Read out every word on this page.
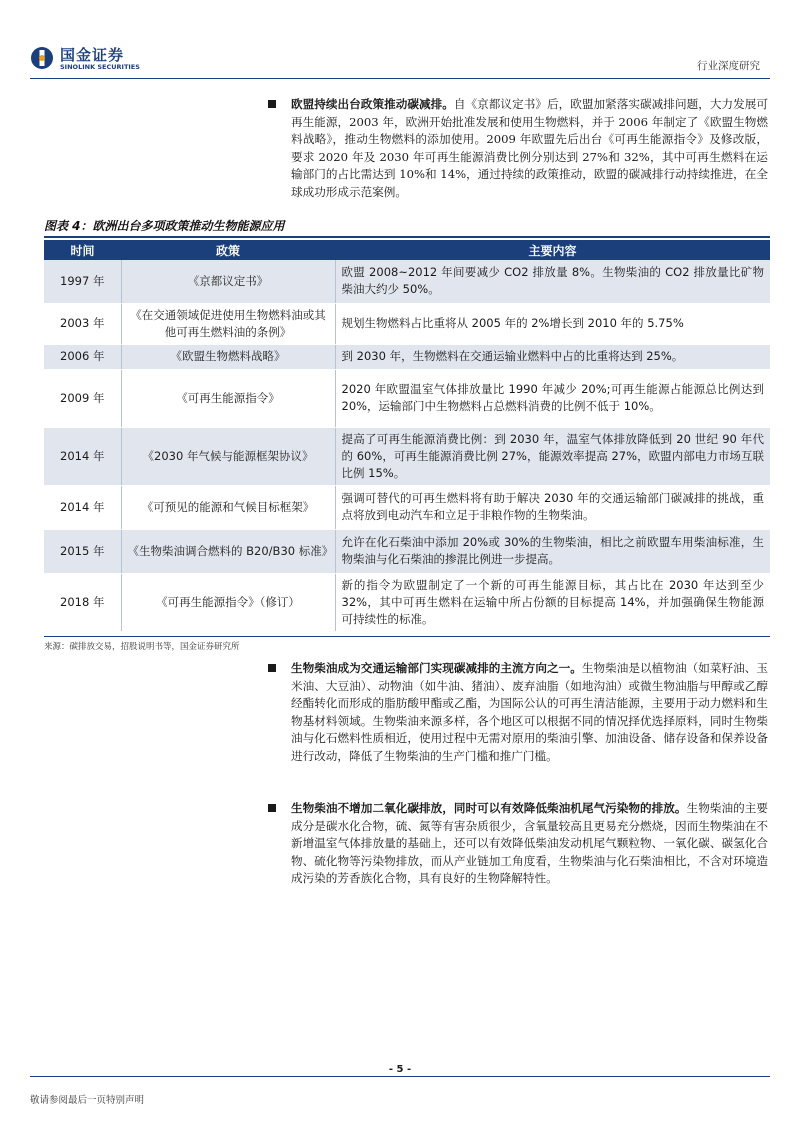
国金证券
SINOLINK SECURITIES	行业深度研究

欧盟持续出台政策推动碳减排。自《京都议定书》后，欧盟加紧落实碳减排问题，大力发展可再生能源，2003 年，欧洲开始批准发展和使用生物燃料，并于 2006 年制定了《欧盟生物燃料战略》，推动生物燃料的添加使用。2009 年欧盟先后出台《可再生能源指令》及修改版，要求 2020 年及 2030 年可再生能源消费比例分别达到 27%和 32%，其中可再生燃料在运输部门的占比需达到 10%和 14%，通过持续的政策推动，欧盟的碳减排行动持续推进，在全球成功形成示范案例。

图表 4：欧洲出台多项政策推动生物能源应用
时间	政策	主要内容
1997 年	《京都议定书》	欧盟 2008~2012 年间要减少 CO2 排放量 8%。生物柴油的 CO2 排放量比矿物柴油大约少 50%。
2003 年	《在交通领域促进使用生物燃料油或其他可再生燃料油的条例》	规划生物燃料占比重将从 2005 年的 2%增长到 2010 年的 5.75%
2006 年	《欧盟生物燃料战略》	到 2030 年，生物燃料在交通运输业燃料中占的比重将达到 25%。
2009 年	《可再生能源指令》	2020 年欧盟温室气体排放量比 1990 年减少 20%;可再生能源占能源总比例达到 20%，运输部门中生物燃料占总燃料消费的比例不低于 10%。
2014 年	《2030 年气候与能源框架协议》	提高了可再生能源消费比例：到 2030 年，温室气体排放降低到 20 世纪 90 年代的 60%，可再生能源消费比例 27%，能源效率提高 27%，欧盟内部电力市场互联比例 15%。
2014 年	《可预见的能源和气候目标框架》	强调可替代的可再生燃料将有助于解决 2030 年的交通运输部门碳减排的挑战，重点将放到电动汽车和立足于非粮作物的生物柴油。
2015 年	《生物柴油调合燃料的 B20/B30 标准》	允许在化石柴油中添加 20%或 30%的生物柴油，相比之前欧盟车用柴油标准，生物柴油与化石柴油的掺混比例进一步提高。
2018 年	《可再生能源指令》（修订）	新的指令为欧盟制定了一个新的可再生能源目标，其占比在 2030 年达到至少 32%，其中可再生燃料在运输中所占份额的目标提高 14%，并加强确保生物能源可持续性的标准。
来源：碳排放交易，招股说明书等，国金证券研究所

生物柴油成为交通运输部门实现碳减排的主流方向之一。生物柴油是以植物油（如菜籽油、玉米油、大豆油）、动物油（如牛油、猪油）、废弃油脂（如地沟油）或微生物油脂与甲醇或乙醇经酯转化而形成的脂肪酸甲酯或乙酯，为国际公认的可再生清洁能源，主要用于动力燃料和生物基材料领域。生物柴油来源多样，各个地区可以根据不同的情况择优选择原料，同时生物柴油与化石燃料性质相近，使用过程中无需对原用的柴油引擎、加油设备、储存设备和保养设备进行改动，降低了生物柴油的生产门槛和推广门槛。

生物柴油不增加二氧化碳排放，同时可以有效降低柴油机尾气污染物的排放。生物柴油的主要成分是碳水化合物，硫、氮等有害杂质很少，含氧量较高且更易充分燃烧，因而生物柴油在不新增温室气体排放量的基础上，还可以有效降低柴油发动机尾气颗粒物、一氧化碳、碳氢化合物、硫化物等污染物排放，而从产业链加工角度看，生物柴油与化石柴油相比，不含对环境造成污染的芳香族化合物，具有良好的生物降解特性。

- 5 -
敬请参阅最后一页特别声明
